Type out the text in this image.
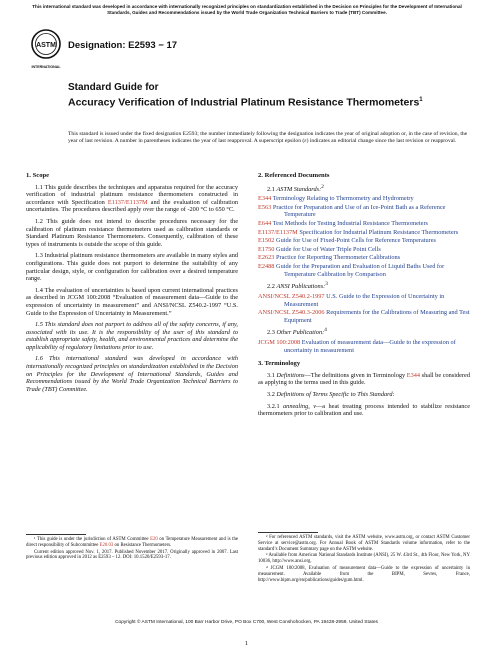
This international standard was developed in accordance with internationally recognized principles on standardization established in the Decision on Principles for the Development of International Standards, Guides and Recommendations issued by the World Trade Organization Technical Barriers to Trade (TBT) Committee.
ASTM
INTERNATIONAL
Designation: E2593 − 17
Standard Guide for
Accuracy Verification of Industrial Platinum Resistance Thermometers$^1$
This standard is issued under the fixed designation E2593; the number immediately following the designation indicates the year of original adoption or, in the case of revision, the year of last revision. A number in parentheses indicates the year of last reapproval. A superscript epsilon (ε) indicates an editorial change since the last revision or reapproval.
1. Scope

1.1 This guide describes the techniques and apparatus required for the accuracy verification of industrial platinum resistance thermometers constructed in accordance with Specification E1137/E1137M and the evaluation of calibration uncertainties. The procedures described apply over the range of -200 °C to 650 °C.

1.2 This guide does not intend to describe procedures necessary for the calibration of platinum resistance thermometers used as calibration standards or Standard Platinum Resistance Thermometers. Consequently, calibration of these types of instruments is outside the scope of this guide.

1.3 Industrial platinum resistance thermometers are available in many styles and configurations. This guide does not purport to determine the suitability of any particular design, style, or configuration for calibration over a desired temperature range.

1.4 The evaluation of uncertainties is based upon current international practices as described in JCGM 100:2008 “Evaluation of measurement data—Guide to the expression of uncertainty in measurement” and ANSI/NCSL Z540.2-1997 “U.S. Guide to the Expression of Uncertainty in Measurement.”

1.5 This standard does not purport to address all of the safety concerns, if any, associated with its use. It is the responsibility of the user of this standard to establish appropriate safety, health, and environmental practices and determine the applicability of regulatory limitations prior to use.

1.6 This international standard was developed in accordance with internationally recognized principles on standardization established in the Decision on Principles for the Development of International Standards, Guides and Recommendations issued by the World Trade Organization Technical Barriers to Trade (TBT) Committee.

2. Referenced Documents
2.1 ASTM Standards:$^2$
E344 Terminology Relating to Thermometry and Hydrometry
E563 Practice for Preparation and Use of an Ice-Point Bath as a Reference Temperature
E644 Test Methods for Testing Industrial Resistance Thermometers
E1137/E1137M Specification for Industrial Platinum Resistance Thermometers
E1502 Guide for Use of Fixed-Point Cells for Reference Temperatures
E1750 Guide for Use of Water Triple Point Cells
E2623 Practice for Reporting Thermometer Calibrations
E2488 Guide for the Preparation and Evaluation of Liquid Baths Used for Temperature Calibration by Comparison
2.2 ANSI Publications:$^3$
ANSI/NCSL Z540.2-1997 U.S. Guide to the Expression of Uncertainty in Measurement
ANSI/NCSL Z540.3-2006 Requirements for the Calibrations of Measuring and Test Equipment
2.3 Other Publication:$^4$
JCGM 100:2008 Evaluation of measurement data—Guide to the expression of uncertainty in measurement
3. Terminology

3.1 Definitions—The definitions given in Terminology E344 shall be considered as applying to the terms used in this guide.

3.2 Definitions of Terms Specific to This Standard:

3.2.1 annealing, v—a heat treating process intended to stabilize resistance thermometers prior to calibration and use.

¹ This guide is under the jurisdiction of ASTM Committee E20 on Temperature Measurement and is the direct responsibility of Subcommittee E20.03 on Resistance Thermometers.

Current edition approved Nov. 1, 2017. Published November 2017. Originally approved in 2007. Last previous edition approved in 2012 as E2593 – 12. DOI: 10.1520/E2593-17.

² For referenced ASTM standards, visit the ASTM website, www.astm.org, or contact ASTM Customer Service at service@astm.org. For Annual Book of ASTM Standards volume information, refer to the standard’s Document Summary page on the ASTM website.

³ Available from American National Standards Institute (ANSI), 25 W. 43rd St., 4th Floor, New York, NY 10036, http://www.ansi.org.

⁴ JCGM 100:2008, Evaluation of measurement data—Guide to the expression of uncertainty in measurement. Available from the BIPM, Sevres, France, http://www.bipm.org/en/publications/guides/gum.html.

Copyright © ASTM International, 100 Barr Harbor Drive, PO Box C700, West Conshohocken, PA 19428-2959. United States
1
